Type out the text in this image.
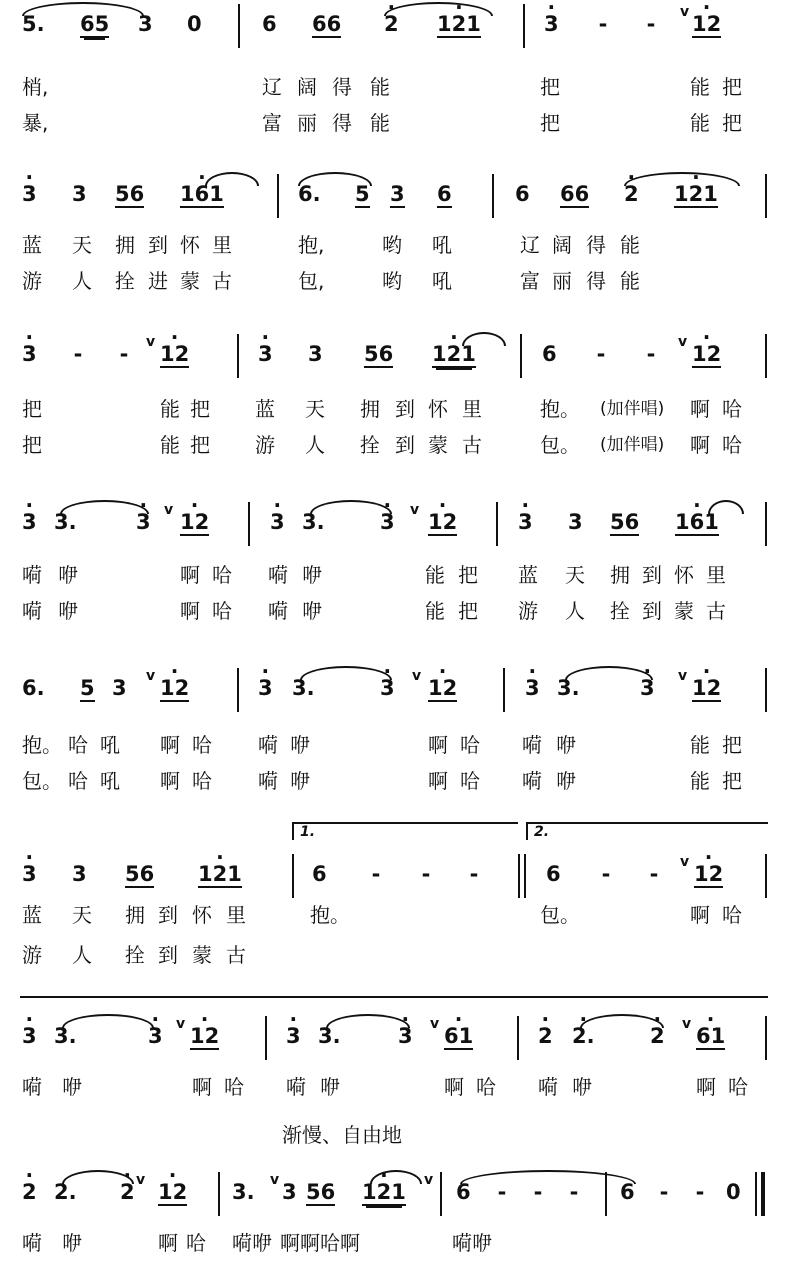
5. 65 3 0	6 66 · 2 · 121	· 3 - - v · 12
梢,	辽 阔 得 能	把	能 把
暴,	富 丽 得 能	把	能 把
· 3 3 56 · 161	6. 5 3 6	6 66 · 2 · 121
蓝 天 拥 到 怀 里	抱,	哟 吼	辽 阔 得 能
游 人 拴 进 蒙 古	包,	哟 吼	富 丽 得 能
· 3 - - v · 12	· 3 3 56 · 121	6 - - v · 12
把	能 把 蓝 天 拥 到 怀 里	抱。 (加伴唱) 啊 哈
把	能 把 游 人 拴 到 蒙 古	包。 (加伴唱) 啊 哈
· 3 3.	· 3 v · 12	· 3 3.	· 3 v · 12	· 3 3 56 · 161
嗬 咿	啊 哈 嗬 咿	能 把 蓝 天 拥 到 怀 里
嗬 咿	啊 哈 嗬 咿	能 把 游 人 拴 到 蒙 古
6. 5 3 v · 12	· 3 3.	· 3 v · 12	· 3 3.	· 3 v · 12
抱。 哈 吼 啊 哈 嗬 咿	啊 哈 嗬 咿	能 把
包。 哈 吼 啊 哈 嗬 咿	啊 哈 嗬 咿	能 把
1.	2.
· 3 3 56 · 121	6 - - -	6 - - v · 12
蓝 天 拥 到 怀 里	抱。	包。	啊 哈
游 人 拴 到 蒙 古
· 3 3.	· 3 v · 12	· 3 3.	· 3 v · 61	· 2 · 2.	· 2 v · 61
嗬 咿	啊 哈 嗬 咿	啊 哈 嗬 咿	啊 哈
渐慢、自由地
· 2 2. · 2 v · 12 3. v 3 56 · 121 v 6 - - - 6 - - 0
嗬 咿	啊 哈 嗬咿 啊啊哈啊	嗬咿
